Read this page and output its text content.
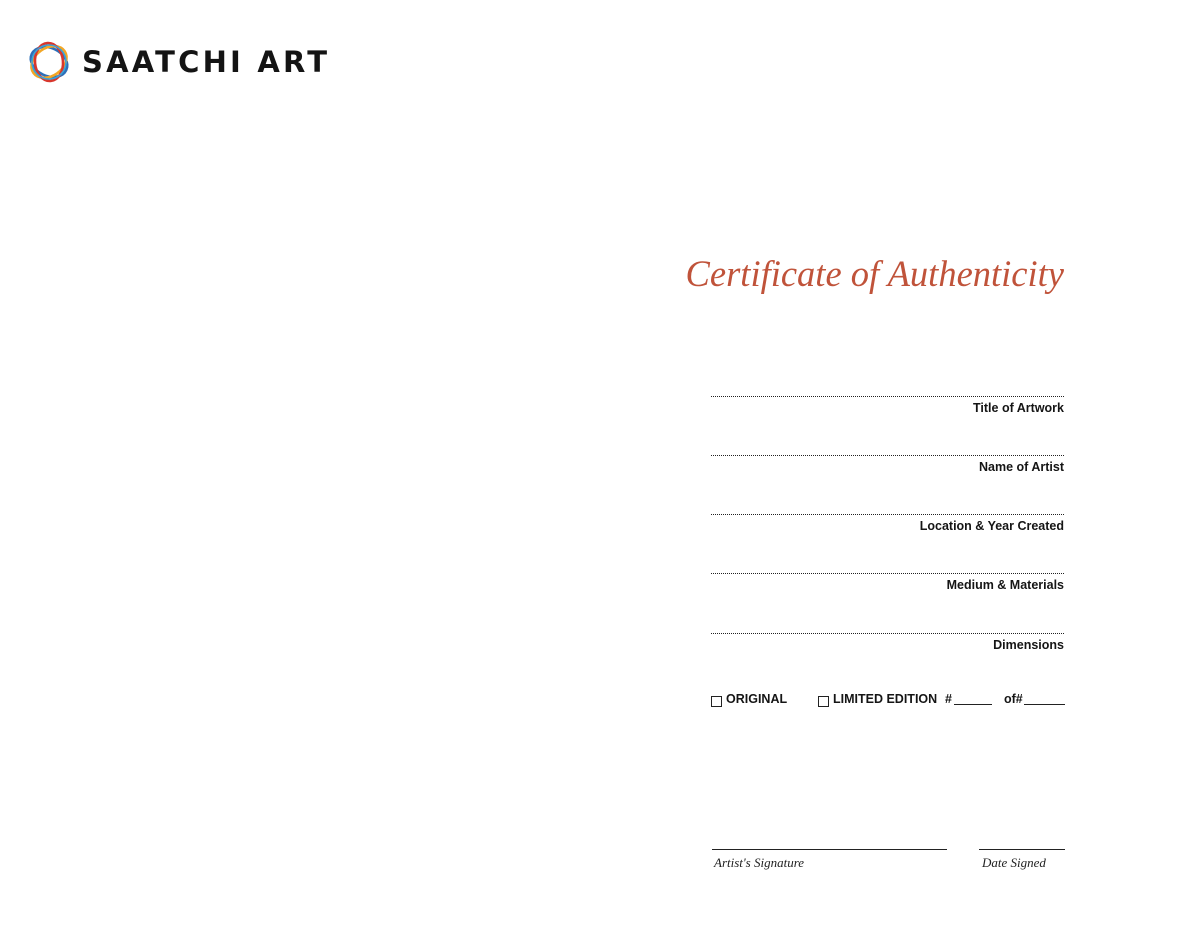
SAATCHI ART
Certificate of Authenticity
Title of Artwork
Name of Artist
Location & Year Created
Medium & Materials
Dimensions
ORIGINAL	LIMITED EDITION #	of#
Artist's Signature	Date Signed
